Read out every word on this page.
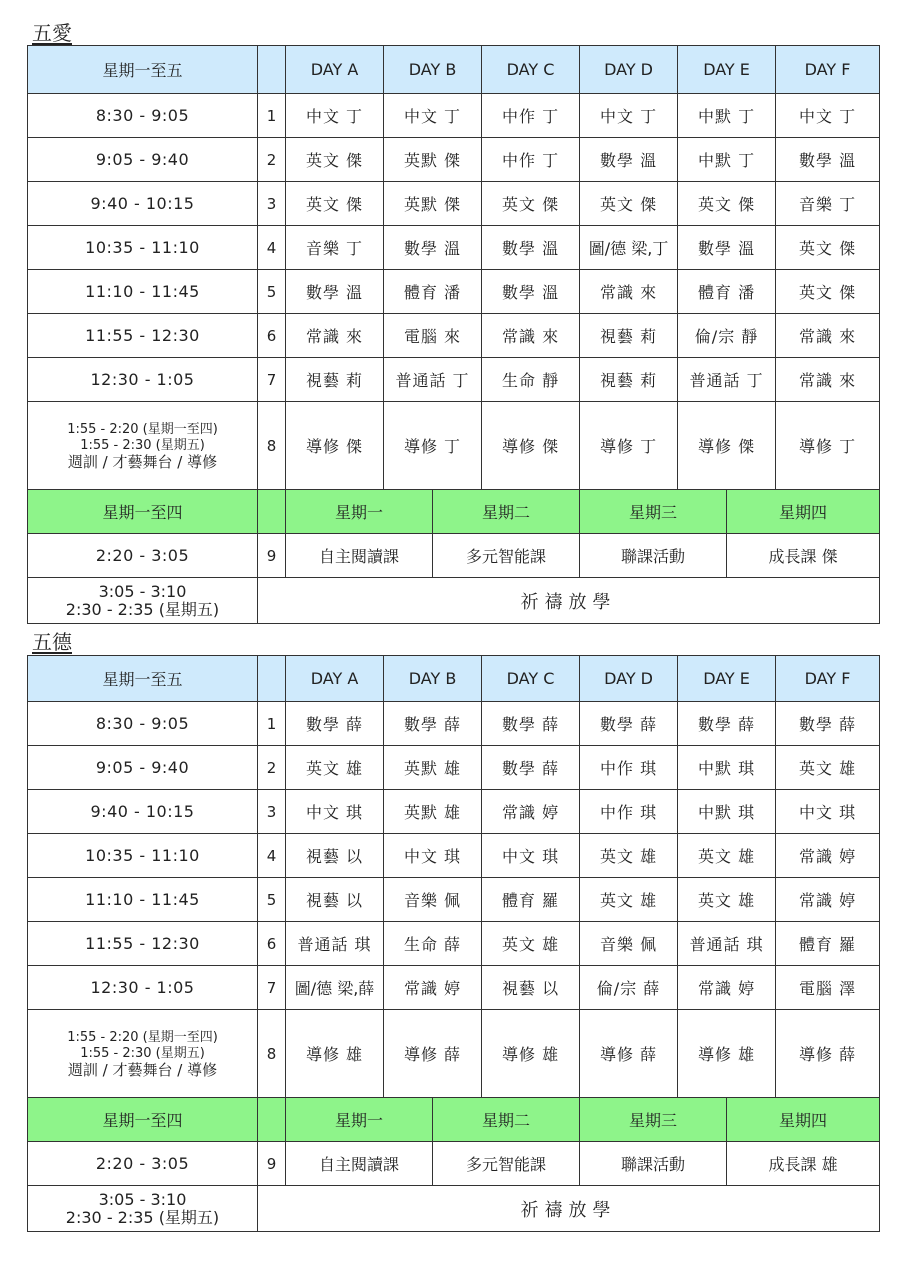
五愛
星期一至五		DAY A	DAY B		DAY C	DAY D	DAY E		DAY F
8:30 - 9:05	1	中文 丁	中文 丁		中作 丁	中文 丁	中默 丁		中文 丁
9:05 - 9:40	2	英文 傑	英默 傑		中作 丁	數學 溫	中默 丁		數學 溫
9:40 - 10:15	3	英文 傑	英默 傑		英文 傑	英文 傑	英文 傑		音樂 丁
10:35 - 11:10	4	音樂 丁	數學 溫		數學 溫	圖/德 梁,丁	數學 溫		英文 傑
11:10 - 11:45	5	數學 溫	體育 潘		數學 溫	常識 來	體育 潘		英文 傑
11:55 - 12:30	6	常識 來	電腦 來		常識 來	視藝 莉	倫/宗 靜		常識 來
12:30 - 1:05	7	視藝 莉	普通話 丁		生命 靜	視藝 莉	普通話 丁		常識 來

1:55 - 2:20 (星期一至四)
1:55 - 2:30 (星期五)
週訓 / 才藝舞台 / 導修	8	導修 傑	導修 丁		導修 傑	導修 丁	導修 傑		導修 丁
星期一至四		星期一		星期二		星期三		星期四	
2:20 - 3:05	9	自主閱讀課		多元智能課		聯課活動		成長課 傑	

3:05 - 3:10
2:30 - 2:35 (星期五)	祈禱放學								
五德
星期一至五		DAY A	DAY B		DAY C	DAY D	DAY E		DAY F
8:30 - 9:05	1	數學 薛	數學 薛		數學 薛	數學 薛	數學 薛		數學 薛
9:05 - 9:40	2	英文 雄	英默 雄		數學 薛	中作 琪	中默 琪		英文 雄
9:40 - 10:15	3	中文 琪	英默 雄		常識 婷	中作 琪	中默 琪		中文 琪
10:35 - 11:10	4	視藝 以	中文 琪		中文 琪	英文 雄	英文 雄		常識 婷
11:10 - 11:45	5	視藝 以	音樂 佩		體育 羅	英文 雄	英文 雄		常識 婷
11:55 - 12:30	6	普通話 琪	生命 薛		英文 雄	音樂 佩	普通話 琪		體育 羅
12:30 - 1:05	7	圖/德 梁,薛	常識 婷		視藝 以	倫/宗 薛	常識 婷		電腦 澤

1:55 - 2:20 (星期一至四)
1:55 - 2:30 (星期五)
週訓 / 才藝舞台 / 導修	8	導修 雄	導修 薛		導修 雄	導修 薛	導修 雄		導修 薛
星期一至四		星期一		星期二		星期三		星期四	
2:20 - 3:05	9	自主閱讀課		多元智能課		聯課活動		成長課 雄	

3:05 - 3:10
2:30 - 2:35 (星期五)	祈禱放學								
